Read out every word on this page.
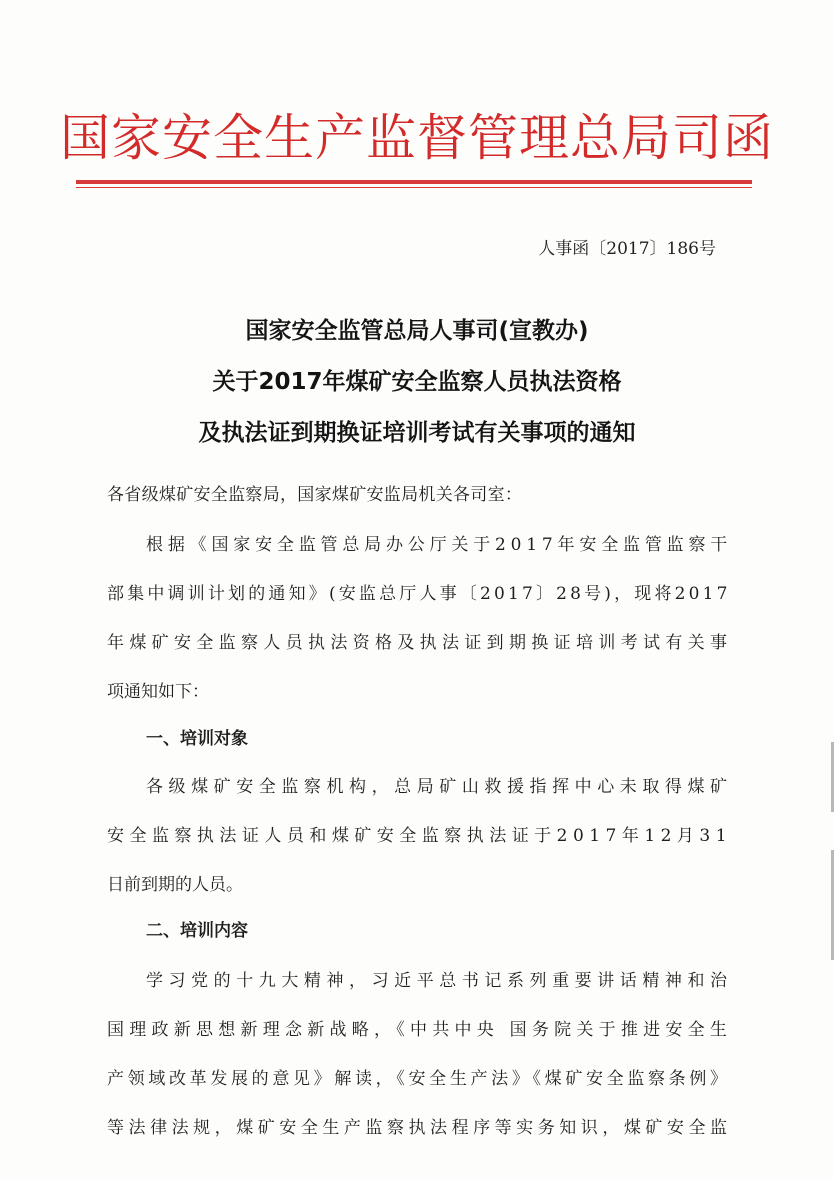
国家安全生产监督管理总局司函
人事函〔2017〕186号
国家安全监管总局人事司(宣教办)
关于2017年煤矿安全监察人员执法资格
及执法证到期换证培训考试有关事项的通知
各省级煤矿安全监察局，国家煤矿安监局机关各司室：
根据《国家安全监管总局办公厅关于2017年安全监管监察干
部集中调训计划的通知》(安监总厅人事〔2017〕28号)，现将2017
年煤矿安全监察人员执法资格及执法证到期换证培训考试有关事
项通知如下：
一、培训对象
各级煤矿安全监察机构，总局矿山救援指挥中心未取得煤矿
安全监察执法证人员和煤矿安全监察执法证于2017年12月31
日前到期的人员。
二、培训内容
学习党的十九大精神，习近平总书记系列重要讲话精神和治
国理政新思想新理念新战略，《中共中央 国务院关于推进安全生
产领域改革发展的意见》解读，《安全生产法》《煤矿安全监察条例》
等法律法规，煤矿安全生产监察执法程序等实务知识，煤矿安全监
